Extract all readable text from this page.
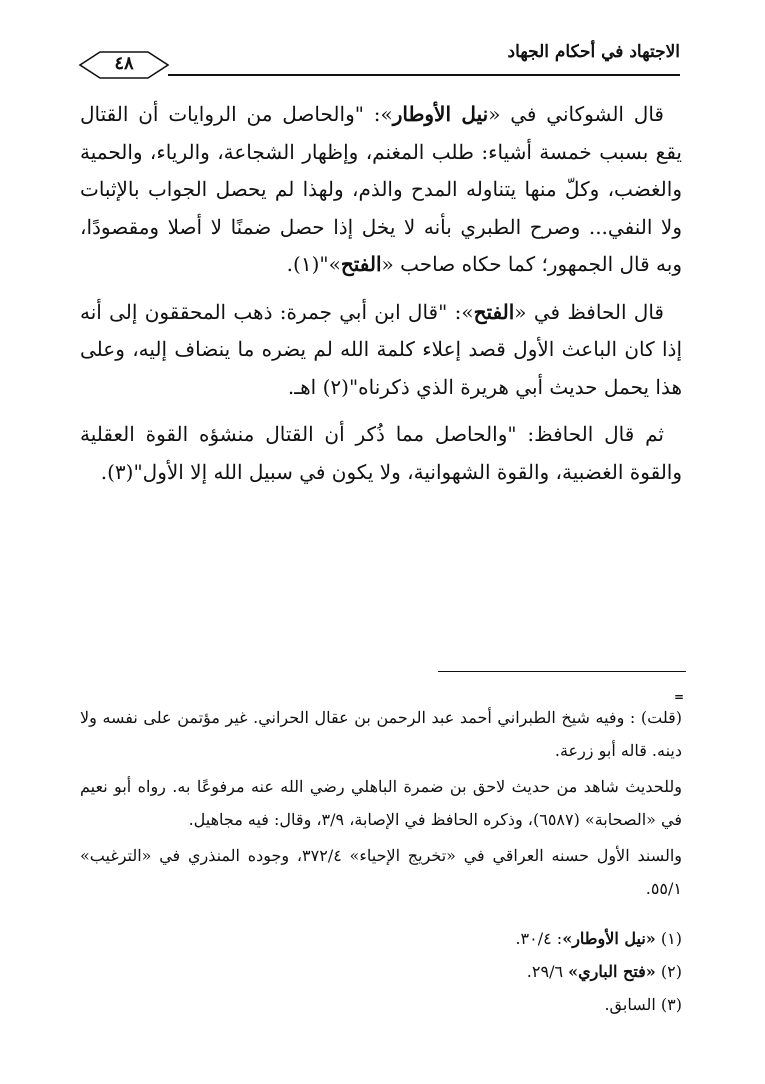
الاجتهاد في أحكام الجهاد
٤٨

قال الشوكاني في «نيل الأوطار»: "والحاصل من الروايات أن القتال يقع بسبب خمسة أشياء: طلب المغنم، وإظهار الشجاعة، والرياء، والحمية والغضب، وكلّ منها يتناوله المدح والذم، ولهذا لم يحصل الجواب بالإثبات ولا النفي... وصرح الطبري بأنه لا يخل إذا حصل ضمنًا لا أصلا ومقصودًا، وبه قال الجمهور؛ كما حكاه صاحب «الفتح»"(١).

قال الحافظ في «الفتح»: "قال ابن أبي جمرة: ذهب المحققون إلى أنه إذا كان الباعث الأول قصد إعلاء كلمة الله لم يضره ما ينضاف إليه، وعلى هذا يحمل حديث أبي هريرة الذي ذكرناه"(٢) اهـ.

ثم قال الحافظ: "والحاصل مما ذُكر أن القتال منشؤه القوة العقلية والقوة الغضبية، والقوة الشهوانية، ولا يكون في سبيل الله إلا الأول"(٣).

=

(قلت) : وفيه شيخ الطبراني أحمد عبد الرحمن بن عقال الحراني. غير مؤتمن على نفسه ولا دينه. قاله أبو زرعة.

وللحديث شاهد من حديث لاحق بن ضمرة الباهلي رضي الله عنه مرفوعًا به. رواه أبو نعيم في «الصحابة» (٦٥٨٧)، وذكره الحافظ في الإصابة، ٣/٩، وقال: فيه مجاهيل.

والسند الأول حسنه العراقي في «تخريج الإحياء» ٣٧٢/٤، وجوده المنذري في «الترغيب» ٥٥/١.

(١) «نيل الأوطار»: ٣٠/٤.
(٢) «فتح الباري» ٢٩/٦.
(٣) السابق.
